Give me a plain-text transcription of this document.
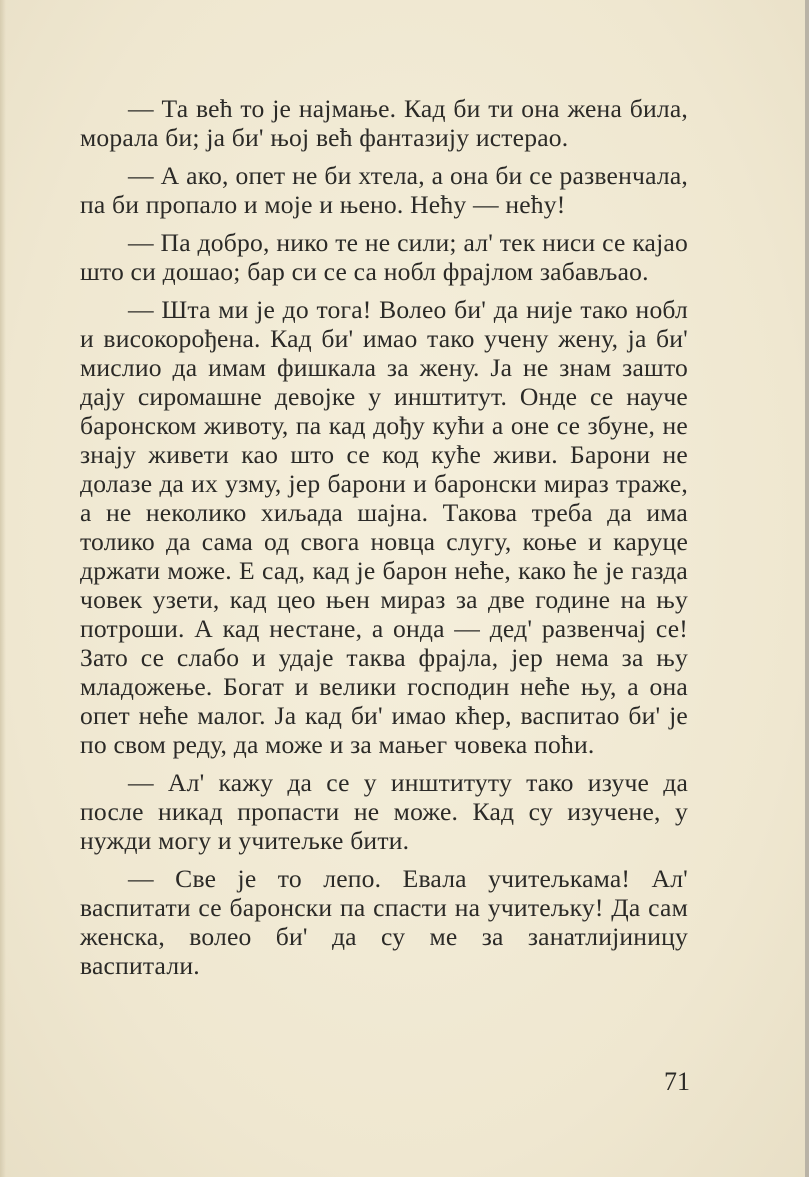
— Та већ то је најмање. Кад би ти она жена била, морала би; ја би' њој већ фантазију истерао.

— А ако, опет не би хтела, а она би се развенчала, па би пропало и моје и њено. Нећу — нећу!

— Па добро, нико те не сили; ал' тек ниси се кајао што си дошао; бар си се са нобл фрајлом забављао.

— Шта ми је до тога! Волео би' да није тако нобл и високорођена. Кад би' имао тако учену жену, ја би' мислио да имам фишкала за жену. Ја не знам зашто дају сиромашне девојке у инштитут. Онде се науче баронском животу, па кад дођу кући а оне се збуне, не знају живети као што се код куће живи. Барони не долазе да их узму, јер барони и баронски мираз траже, а не неколико хиљада шајна. Такова треба да има толико да сама од свога новца слугу, коње и каруце држати може. Е сад, кад је барон неће, како ће је газда човек узети, кад цео њен мираз за две године на њу потроши. А кад нестане, а онда — дед' развенчај се! Зато се слабо и удаје таква фрајла, јер нема за њу младожење. Богат и велики господин неће њу, а она опет неће малог. Ја кад би' имао кћер, васпитао би' је по свом реду, да може и за мањег човека поћи.

— Ал' кажу да се у инштитуту тако изуче да после никад пропасти не може. Кад су изучене, у нужди могу и учитељке бити.

— Све је то лепо. Евала учитељкама! Ал' васпитати се баронски па спасти на учитељку! Да сам женска, волео би' да су ме за занатлијиницу васпитали.

71
